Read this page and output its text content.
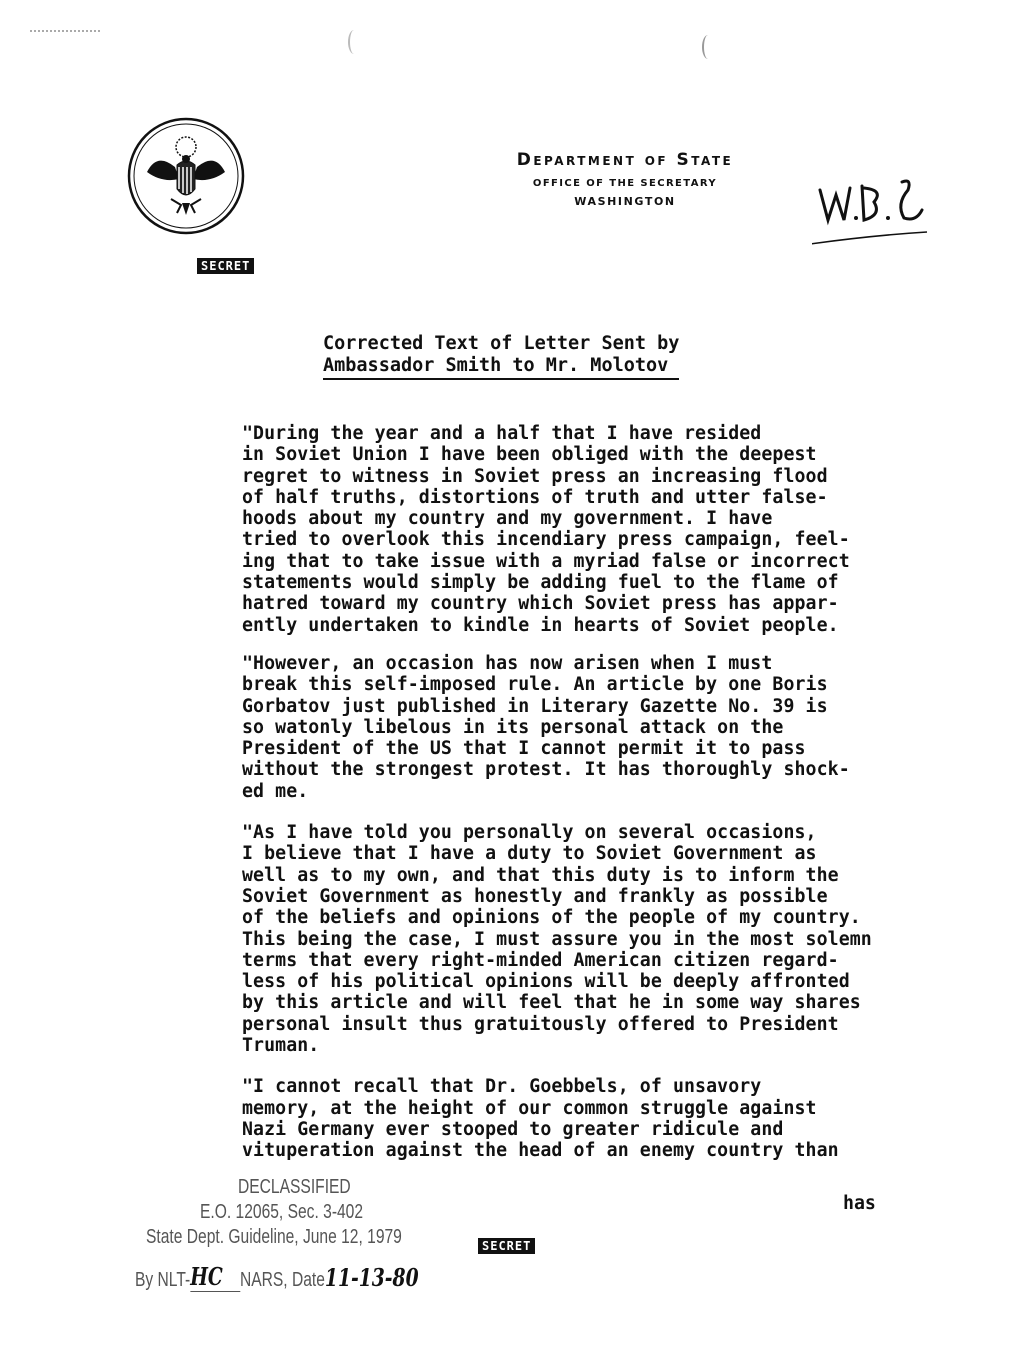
Department of State
OFFICE OF THE SECRETARY
WASHINGTON
SECRET
Corrected Text of Letter Sent by
Ambassador Smith to Mr. Molotov

"During the year and a half that I have resided
in Soviet Union I have been obliged with the deepest
regret to witness in Soviet press an increasing flood
of half truths, distortions of truth and utter false-
hoods about my country and my government. I have
tried to overlook this incendiary press campaign, feel-
ing that to take issue with a myriad false or incorrect
statements would simply be adding fuel to the flame of
hatred toward my country which Soviet press has appar-
ently undertaken to kindle in hearts of Soviet people.

"However, an occasion has now arisen when I must
break this self-imposed rule. An article by one Boris
Gorbatov just published in Literary Gazette No. 39 is
so watonly libelous in its personal attack on the
President of the US that I cannot permit it to pass
without the strongest protest. It has thoroughly shock-
ed me.

"As I have told you personally on several occasions,
I believe that I have a duty to Soviet Government as
well as to my own, and that this duty is to inform the
Soviet Government as honestly and frankly as possible
of the beliefs and opinions of the people of my country.
This being the case, I must assure you in the most solemn
terms that every right-minded American citizen regard-
less of his political opinions will be deeply affronted
by this article and will feel that he in some way shares
personal insult thus gratuitously offered to President
Truman.

"I cannot recall that Dr. Goebbels, of unsavory
memory, at the height of our common struggle against
Nazi Germany ever stooped to greater ridicule and
vituperation against the head of an enemy country than

has
DECLASSIFIED
E.O. 12065, Sec. 3-402
State Dept. Guideline, June 12, 1979
By NLT- HC NARS, Date 11-13-80
SECRET
